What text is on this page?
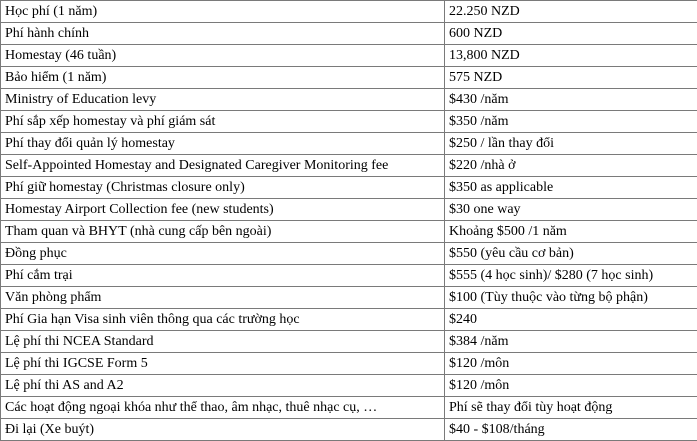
Học phí (1 năm)	22.250 NZD
Phí hành chính	600 NZD
Homestay (46 tuần)	13,800 NZD
Bảo hiểm (1 năm)	575 NZD
Ministry of Education levy	$430 /năm
Phí sắp xếp homestay và phí giám sát	$350 /năm
Phí thay đổi quản lý homestay	$250 / lần thay đổi
Self-Appointed Homestay and Designated Caregiver Monitoring fee	$220 /nhà ở
Phí giữ homestay (Christmas closure only)	$350 as applicable
Homestay Airport Collection fee (new students)	$30 one way
Tham quan và BHYT (nhà cung cấp bên ngoài)	Khoảng $500 /1 năm
Đồng phục	$550 (yêu cầu cơ bản)
Phí cắm trại	$555 (4 học sinh)/ $280 (7 học sinh)
Văn phòng phẩm	$100 (Tùy thuộc vào từng bộ phận)
Phí Gia hạn Visa sinh viên thông qua các trường học	$240
Lệ phí thi NCEA Standard	$384 /năm
Lệ phí thi IGCSE Form 5	$120 /môn
Lệ phí thi AS and A2	$120 /môn
Các hoạt động ngoại khóa như thể thao, âm nhạc, thuê nhạc cụ, …	Phí sẽ thay đổi tùy hoạt động
Đi lại (Xe buýt)	$40 - $108/tháng
